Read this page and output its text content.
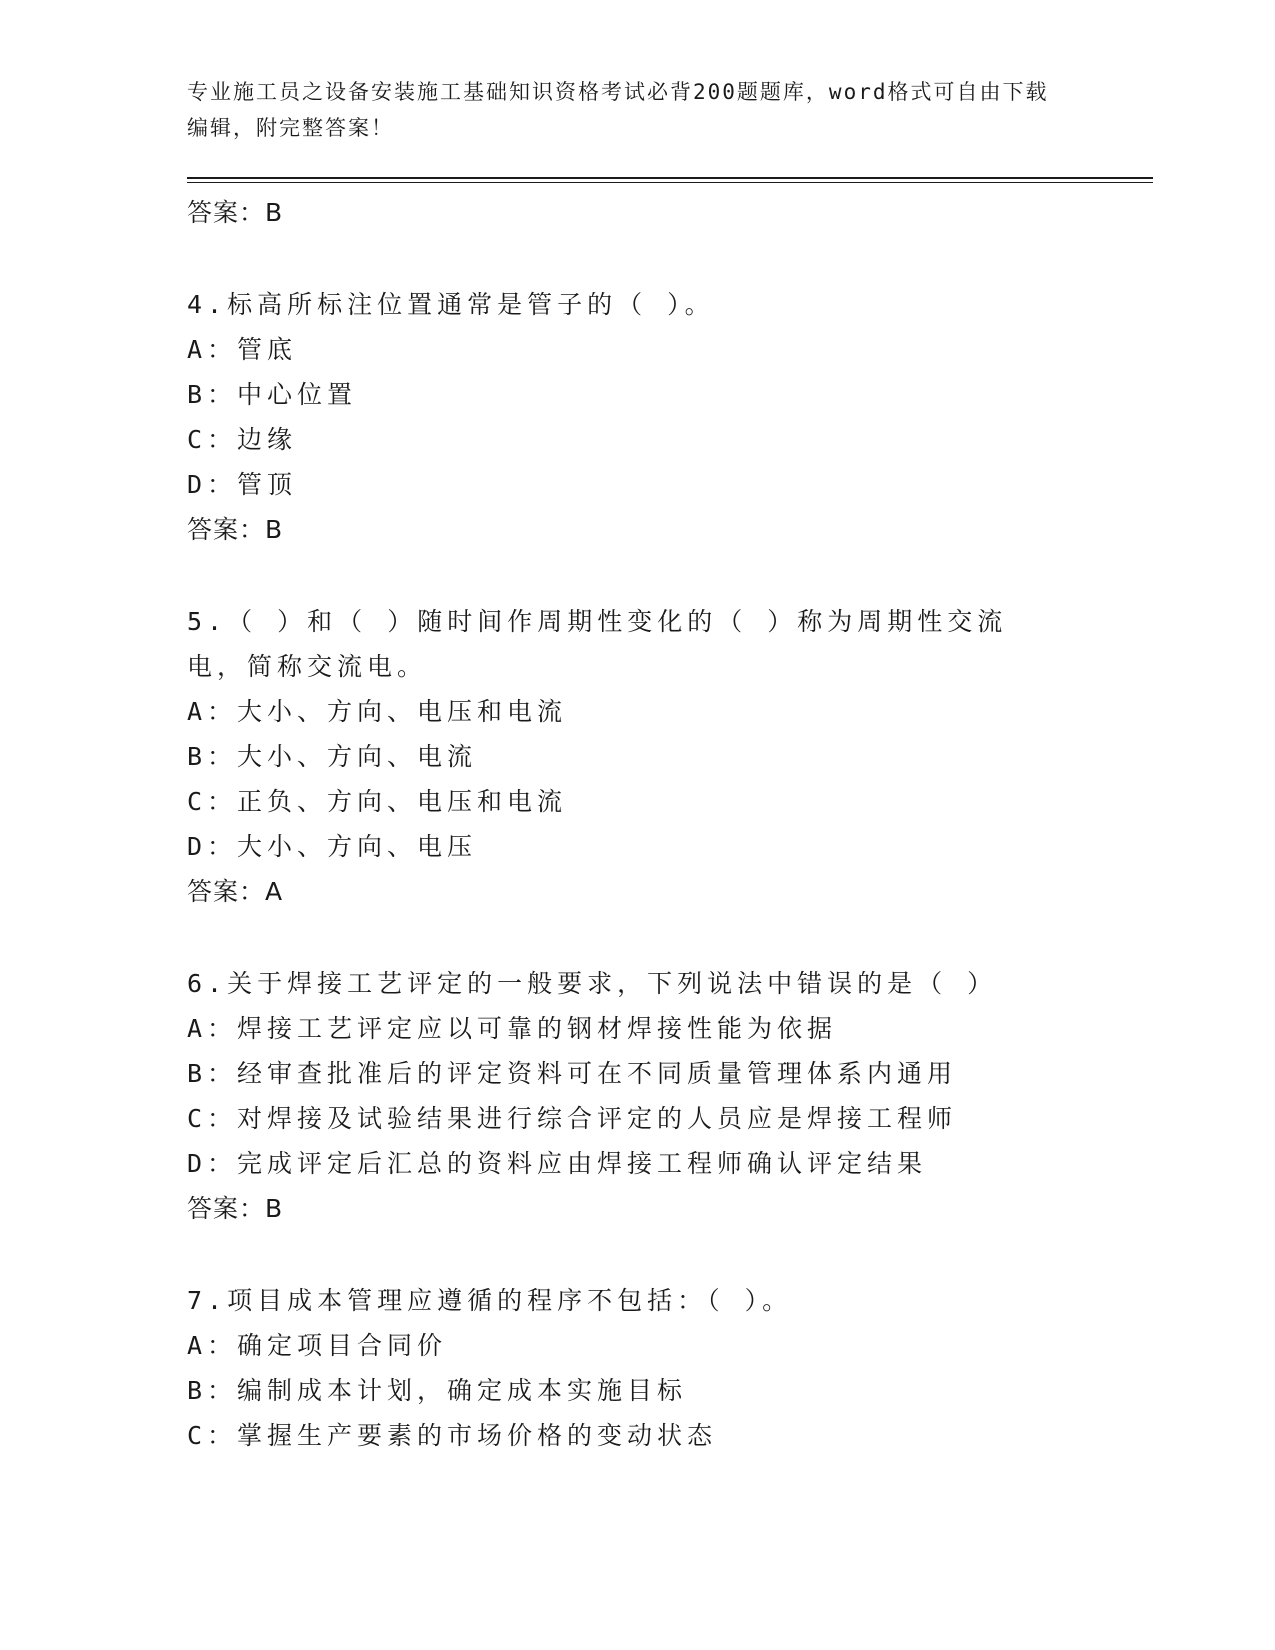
专业施工员之设备安装施工基础知识资格考试必背200题题库，word格式可自由下载编辑，附完整答案！
答案：B
4.标高所标注位置通常是管子的（ ）。
A：管底
B：中心位置
C：边缘
D：管顶
答案：B
5.（ ）和（ ）随时间作周期性变化的（ ）称为周期性交流电，简称交流电。
A：大小、方向、电压和电流
B：大小、方向、电流
C：正负、方向、电压和电流
D：大小、方向、电压
答案：A
6.关于焊接工艺评定的一般要求，下列说法中错误的是（ ）
A：焊接工艺评定应以可靠的钢材焊接性能为依据
B：经审查批准后的评定资料可在不同质量管理体系内通用
C：对焊接及试验结果进行综合评定的人员应是焊接工程师
D：完成评定后汇总的资料应由焊接工程师确认评定结果
答案：B
7.项目成本管理应遵循的程序不包括：（ ）。
A：确定项目合同价
B：编制成本计划，确定成本实施目标
C：掌握生产要素的市场价格的变动状态
